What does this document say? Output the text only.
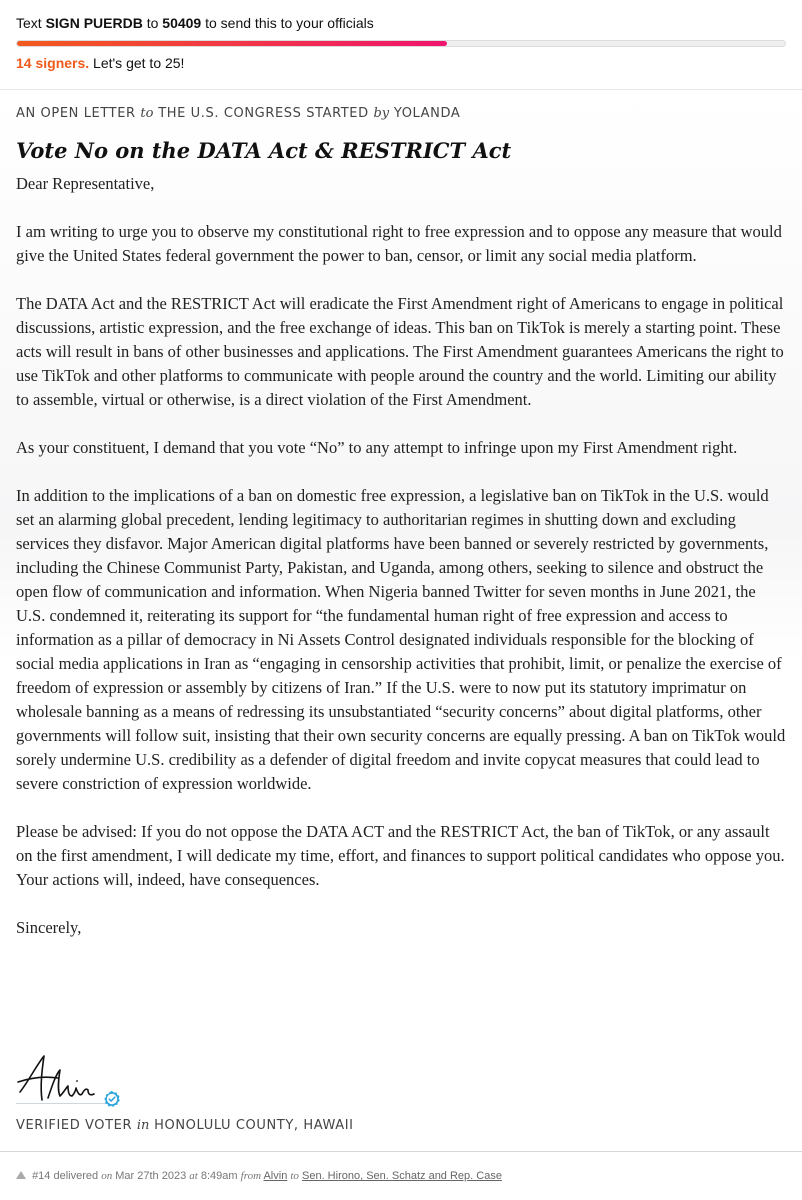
Text SIGN PUERDB to 50409 to send this to your officials
14 signers. Let's get to 25!
AN OPEN LETTER to THE U.S. CONGRESS STARTED by YOLANDA
Vote No on the DATA Act & RESTRICT Act

Dear Representative,

I am writing to urge you to observe my constitutional right to free expression and to oppose any measure that would give the United States federal government the power to ban, censor, or limit any social media platform.

The DATA Act and the RESTRICT Act will eradicate the First Amendment right of Americans to engage in political discussions, artistic expression, and the free exchange of ideas. This ban on TikTok is merely a starting point. These acts will result in bans of other businesses and applications. The First Amendment guarantees Americans the right to use TikTok and other platforms to communicate with people around the country and the world. Limiting our ability to assemble, virtual or otherwise, is a direct violation of the First Amendment.

As your constituent, I demand that you vote “No” to any attempt to infringe upon my First Amendment right.

In addition to the implications of a ban on domestic free expression, a legislative ban on TikTok in the U.S. would set an alarming global precedent, lending legitimacy to authoritarian regimes in shutting down and excluding services they disfavor. Major American digital platforms have been banned or severely restricted by governments, including the Chinese Communist Party, Pakistan, and Uganda, among others, seeking to silence and obstruct the open flow of communication and information. When Nigeria banned Twitter for seven months in June 2021, the U.S. condemned it, reiterating its support for “the fundamental human right of free expression and access to information as a pillar of democracy in Ni Assets Control designated individuals responsible for the blocking of social media applications in Iran as “engaging in censorship activities that prohibit, limit, or penalize the exercise of freedom of expression or assembly by citizens of Iran.” If the U.S. were to now put its statutory imprimatur on wholesale banning as a means of redressing its unsubstantiated “security concerns” about digital platforms, other governments will follow suit, insisting that their own security concerns are equally pressing. A ban on TikTok would sorely undermine U.S. credibility as a defender of digital freedom and invite copycat measures that could lead to severe constriction of expression worldwide.

Please be advised: If you do not oppose the DATA ACT and the RESTRICT Act, the ban of TikTok, or any assault on the first amendment, I will dedicate my time, effort, and finances to support political candidates who oppose you. Your actions will, indeed, have consequences.

Sincerely,

VERIFIED VOTER in HONOLULU COUNTY, HAWAII
#14 delivered on Mar 27th 2023 at 8:49am from Alvin to Sen. Hirono, Sen. Schatz and Rep. Case
